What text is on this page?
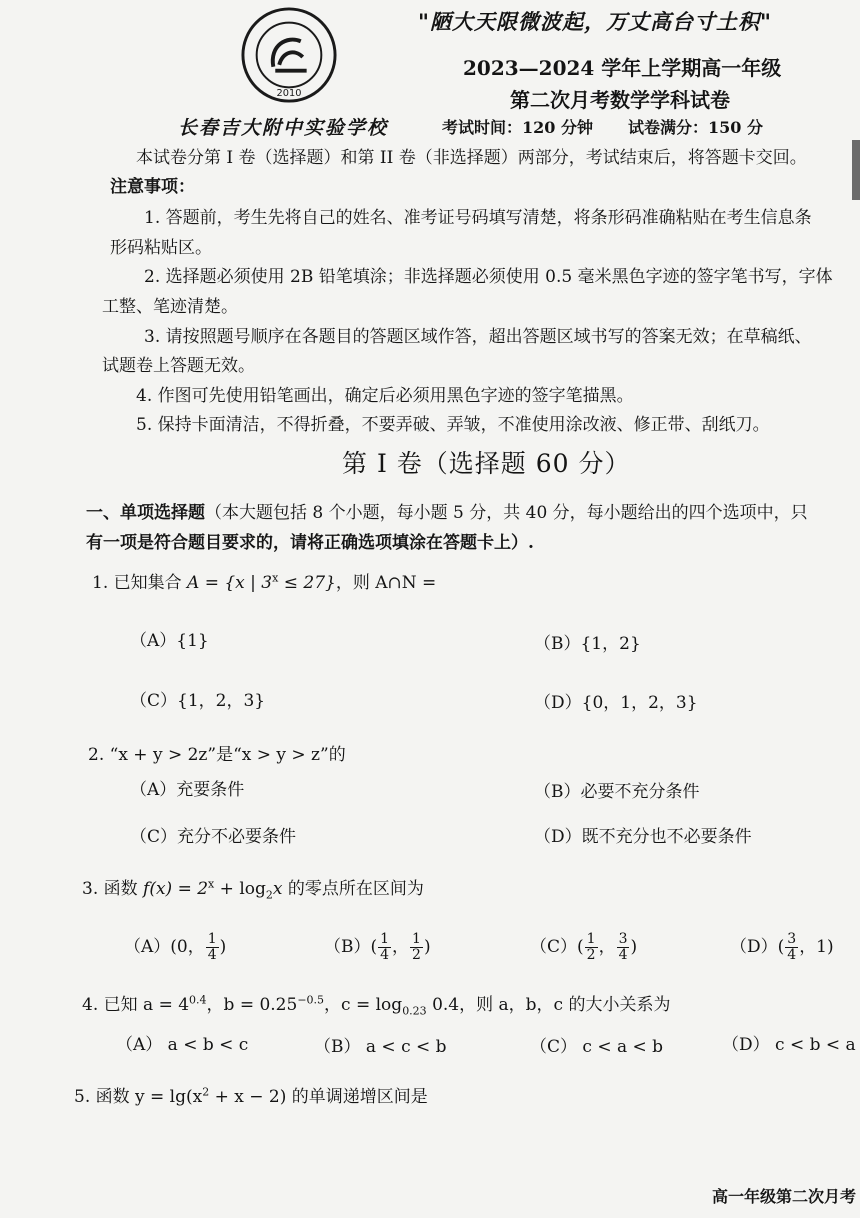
2010
"陋大天限微波起，万丈高台寸土积"
2023—2024 学年上学期高一年级
第二次月考数学学科试卷
长春吉大附中实验学校	考试时间：120 分钟 试卷满分：150 分
本试卷分第 I 卷（选择题）和第 II 卷（非选择题）两部分，考试结束后，将答题卡交回。
注意事项：
1. 答题前，考生先将自己的姓名、准考证号码填写清楚，将条形码准确粘贴在考生信息条
形码粘贴区。
2. 选择题必须使用 2B 铅笔填涂；非选择题必须使用 0.5 毫米黑色字迹的签字笔书写，字体
工整、笔迹清楚。
3. 请按照题号顺序在各题目的答题区域作答，超出答题区域书写的答案无效；在草稿纸、
试题卷上答题无效。
4. 作图可先使用铅笔画出，确定后必须用黑色字迹的签字笔描黑。
5. 保持卡面清洁，不得折叠，不要弄破、弄皱，不准使用涂改液、修正带、刮纸刀。
第 I 卷（选择题 60 分）
一、单项选择题（本大题包括 8 个小题，每小题 5 分，共 40 分，每小题给出的四个选项中，只
有一项是符合题目要求的，请将正确选项填涂在答题卡上）.
1. 已知集合 A = {x | $3^x \le 27$}，则 A∩N =
（A）{1}	（B）{1，2}
（C）{1，2，3}	（D）{0，1，2，3}
2. “x + y > 2z”是“x > y > z”的
（A）充要条件	（B）必要不充分条件
（C）充分不必要条件	（D）既不充分也不必要条件
3. 函数 $f(x) = 2^x + \log_2x$ 的零点所在区间为
（A）(0， $\frac{1}{4}$ )	$(B)( \frac{1}{4}$ ， $\frac{1}{2}$ )	$(C)( \frac{1}{2}$ ， $\frac{3}{4}$ )	$(D)( \frac{3}{4}$ ，1)
4. 已知 $a = 4^{0.4}$，$b = 0.25^{-0.5}$，$c = \log_{0.23} 0.4$，则 a，b，c 的大小关系为
（A） a < b < c	（B） a < c < b	（C） c < a < b	（D） c < b < a
5. 函数 $y = \lg(x^2 + x - 2)$ 的单调递增区间是
高一年级第二次月考
